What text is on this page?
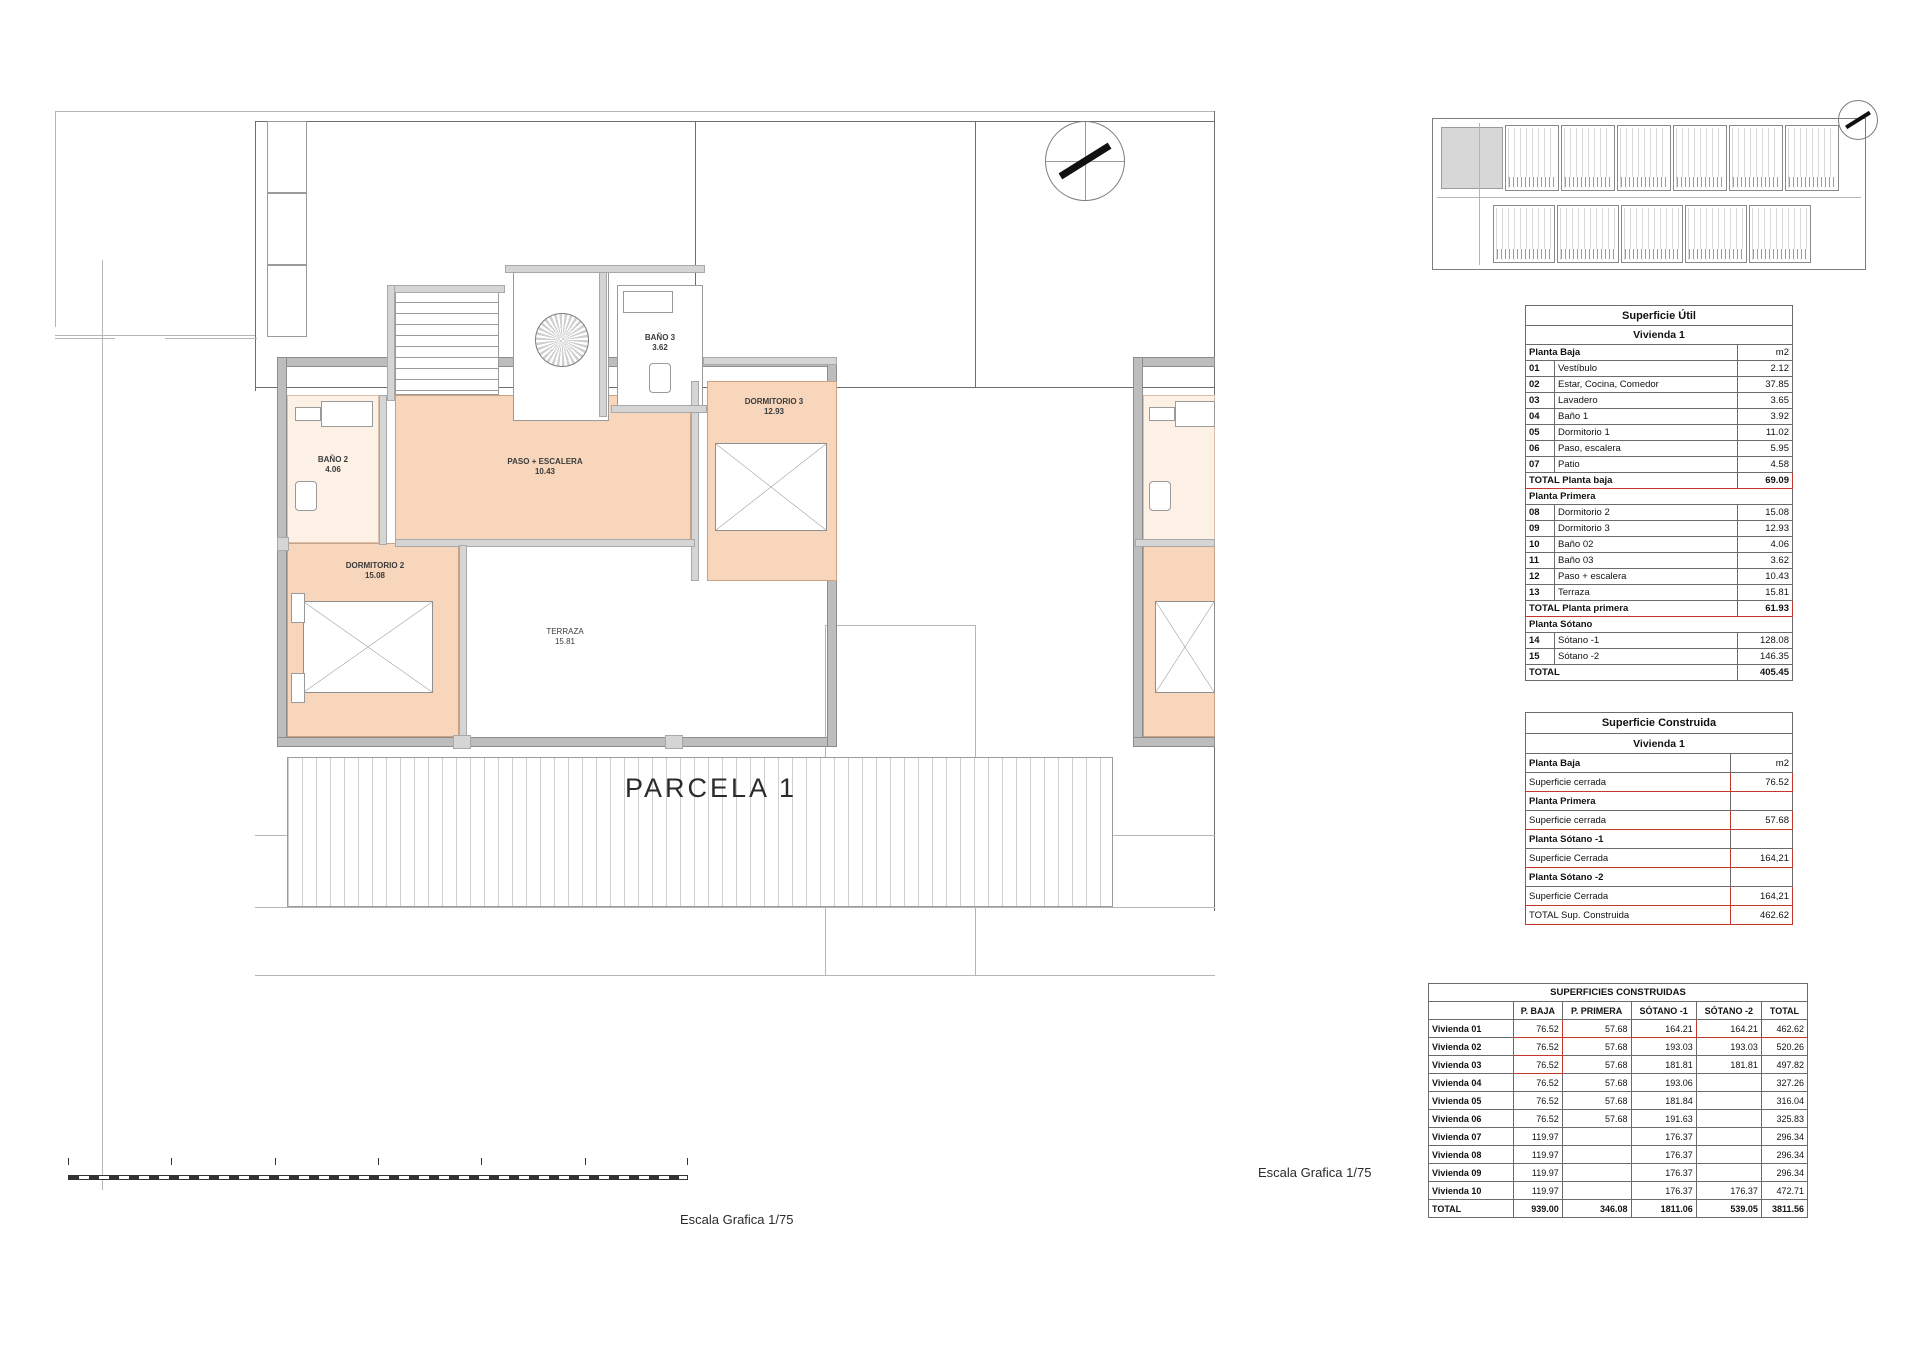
BAÑO 2
4.06
DORMITORIO 2
15.08
PASO + ESCALERA
10.43
BAÑO 3
3.62
DORMITORIO 3
12.93
TERRAZA
15.81
PARCELA 1
Escala Grafica 1/75
Escala Grafica 1/75
Superficie Útil		
Vivienda 1		
Planta Baja		m2
01	Vestíbulo	2.12
02	Estar, Cocina, Comedor	37.85
03	Lavadero	3.65
04	Baño 1	3.92
05	Dormitorio 1	11.02
06	Paso, escalera	5.95
07	Patio	4.58
TOTAL Planta baja		69.09
Planta Primera		
08	Dormitorio 2	15.08
09	Dormitorio 3	12.93
10	Baño 02	4.06
11	Baño 03	3.62
12	Paso + escalera	10.43
13	Terraza	15.81
TOTAL Planta primera		61.93
Planta Sótano		
14	Sótano -1	128.08
15	Sótano -2	146.35
TOTAL		405.45
Superficie Construida	
Vivienda 1	
Planta Baja	m2
Superficie cerrada	76.52
Planta Primera	
Superficie cerrada	57.68
Planta Sótano -1	
Superficie Cerrada	164,21
Planta Sótano -2	
Superficie Cerrada	164,21
TOTAL Sup. Construida	462.62
SUPERFICIES CONSTRUIDAS					
	P. BAJA	P. PRIMERA	SÓTANO -1	SÓTANO -2	TOTAL
Vivienda 01	76.52	57.68	164.21	164.21	462.62
Vivienda 02	76.52	57.68	193.03	193.03	520.26
Vivienda 03	76.52	57.68	181.81	181.81	497.82
Vivienda 04	76.52	57.68	193.06		327.26
Vivienda 05	76.52	57.68	181.84		316.04
Vivienda 06	76.52	57.68	191.63		325.83
Vivienda 07	119.97		176.37		296.34
Vivienda 08	119.97		176.37		296.34
Vivienda 09	119.97		176.37		296.34
Vivienda 10	119.97		176.37	176.37	472.71
TOTAL	939.00	346.08	1811.06	539.05	3811.56
